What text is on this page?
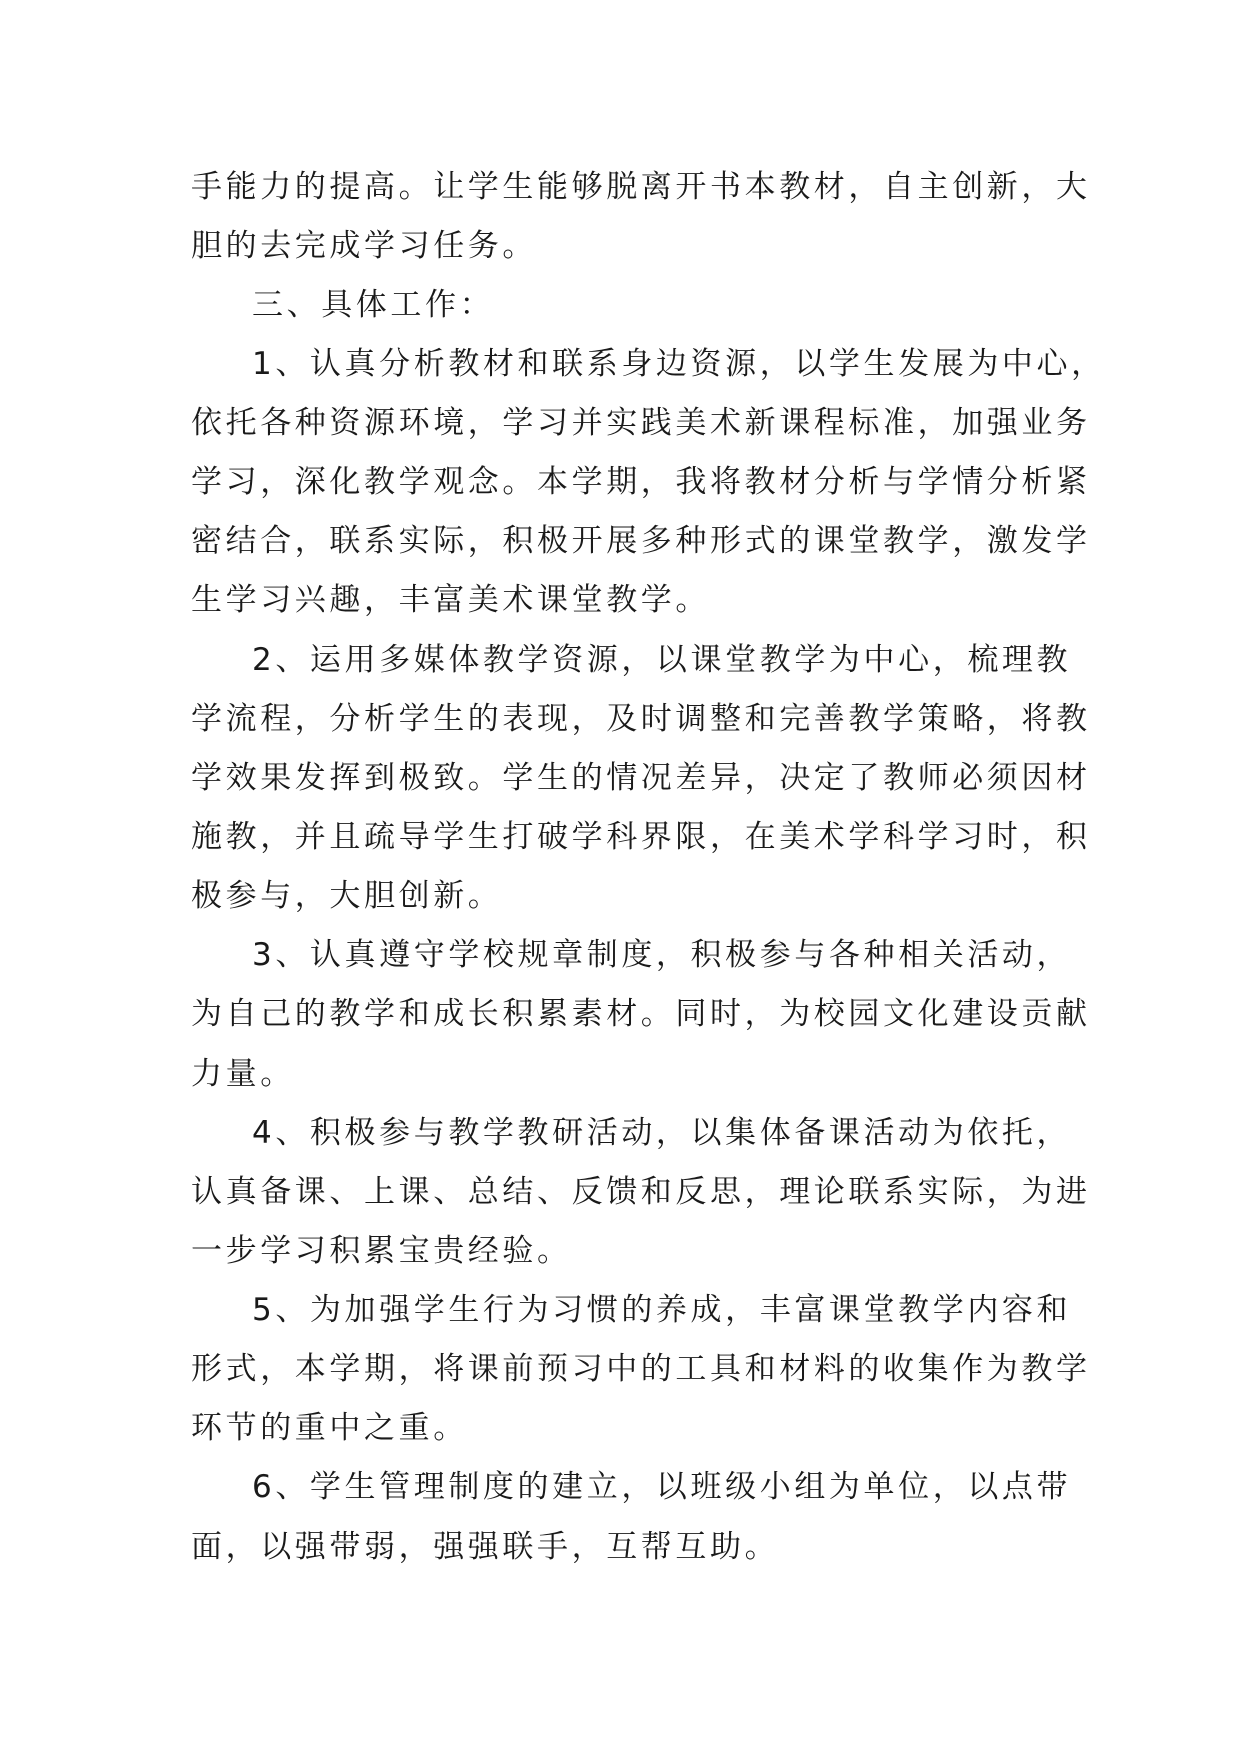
手能力的提高。让学生能够脱离开书本教材，自主创新，大
胆的去完成学习任务。
三、具体工作：
1、认真分析教材和联系身边资源，以学生发展为中心，
依托各种资源环境，学习并实践美术新课程标准，加强业务
学习，深化教学观念。本学期，我将教材分析与学情分析紧
密结合，联系实际，积极开展多种形式的课堂教学，激发学
生学习兴趣，丰富美术课堂教学。
2、运用多媒体教学资源，以课堂教学为中心，梳理教
学流程，分析学生的表现，及时调整和完善教学策略，将教
学效果发挥到极致。学生的情况差异，决定了教师必须因材
施教，并且疏导学生打破学科界限，在美术学科学习时，积
极参与，大胆创新。
3、认真遵守学校规章制度，积极参与各种相关活动，
为自己的教学和成长积累素材。同时，为校园文化建设贡献
力量。
4、积极参与教学教研活动，以集体备课活动为依托，
认真备课、上课、总结、反馈和反思，理论联系实际，为进
一步学习积累宝贵经验。
5、为加强学生行为习惯的养成，丰富课堂教学内容和
形式，本学期，将课前预习中的工具和材料的收集作为教学
环节的重中之重。
6、学生管理制度的建立，以班级小组为单位，以点带
面，以强带弱，强强联手，互帮互助。
